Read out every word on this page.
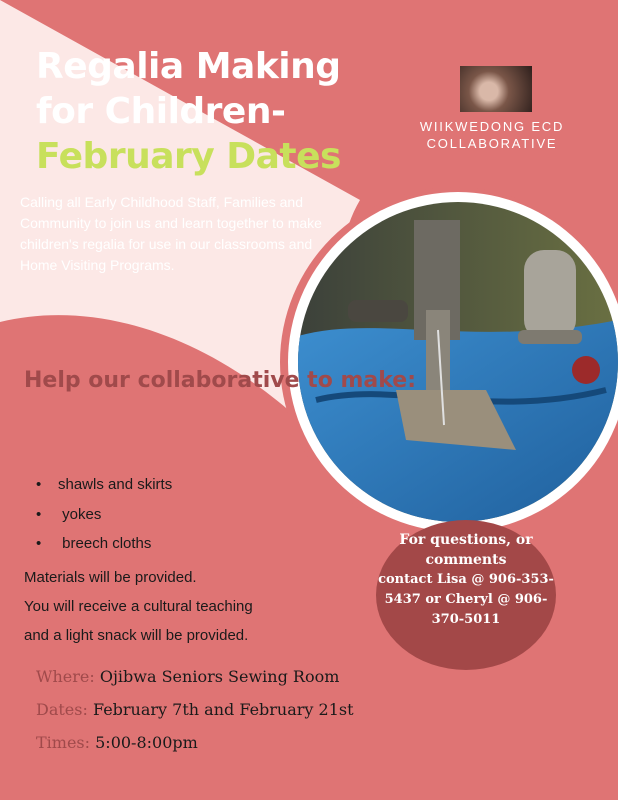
Regalia Making
for Children-
February Dates
WIIKWEDONG ECD COLLABORATIVE
Calling all Early Childhood Staff, Families and Community to join us and learn together to make children's regalia for use in our classrooms and Home Visiting Programs.
Help our collaborative to make:
• shawls and skirts
• yokes
• breech cloths
Materials will be provided.
You will receive a cultural teaching
and a light snack will be provided.
For questions, or comments
contact Lisa @ 906-353-5437 or Cheryl @ 906-370-5011
Where: Ojibwa Seniors Sewing Room
Dates: February 7th and February 21st
Times: 5:00-8:00pm
